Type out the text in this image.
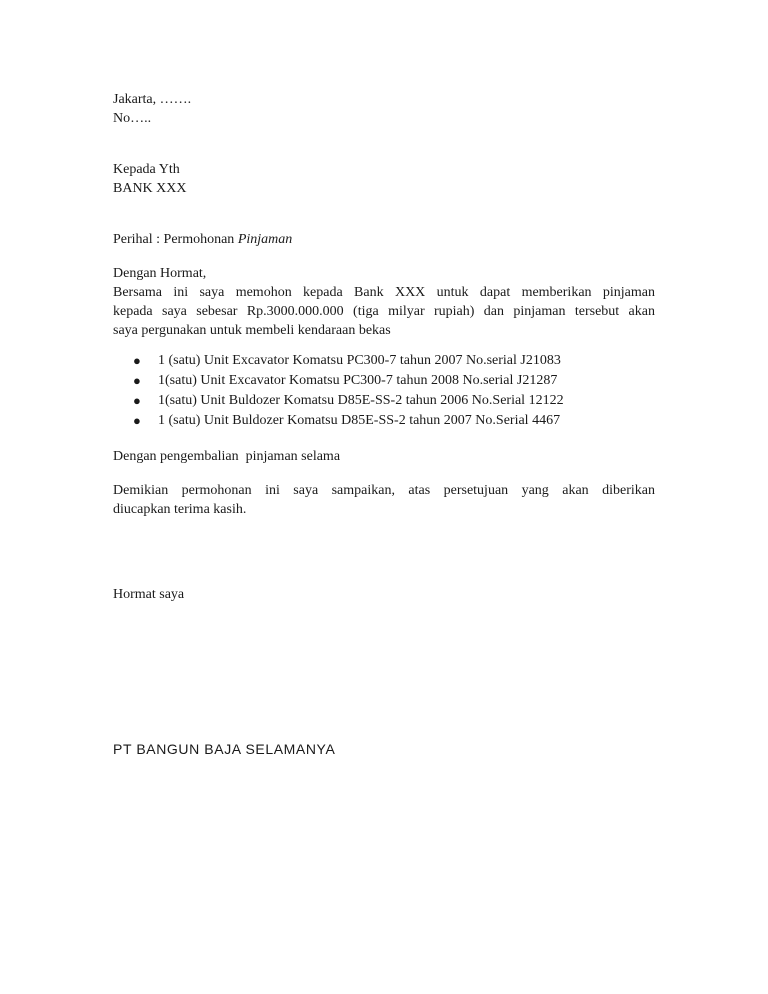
Jakarta, …….

No…..

Kepada Yth

BANK XXX

Perihal : Permohonan Pinjaman

Dengan Hormat,

Bersama ini saya memohon kepada Bank XXX untuk dapat memberikan pinjaman

kepada saya sebesar Rp.3000.000.000 (tiga milyar rupiah) dan pinjaman tersebut akan

saya pergunakan untuk membeli kendaraan bekas

● 1 (satu) Unit Excavator Komatsu PC300-7 tahun 2007 No.serial J21083
● 1(satu) Unit Excavator Komatsu PC300-7 tahun 2008 No.serial J21287
● 1(satu) Unit Buldozer Komatsu D85E-SS-2 tahun 2006 No.Serial 12122
● 1 (satu) Unit Buldozer Komatsu D85E-SS-2 tahun 2007 No.Serial 4467

Dengan pengembalian  pinjaman selama

Demikian permohonan ini saya sampaikan, atas persetujuan yang akan diberikan

diucapkan terima kasih.

Hormat saya

PT BANGUN BAJA SELAMANYA
